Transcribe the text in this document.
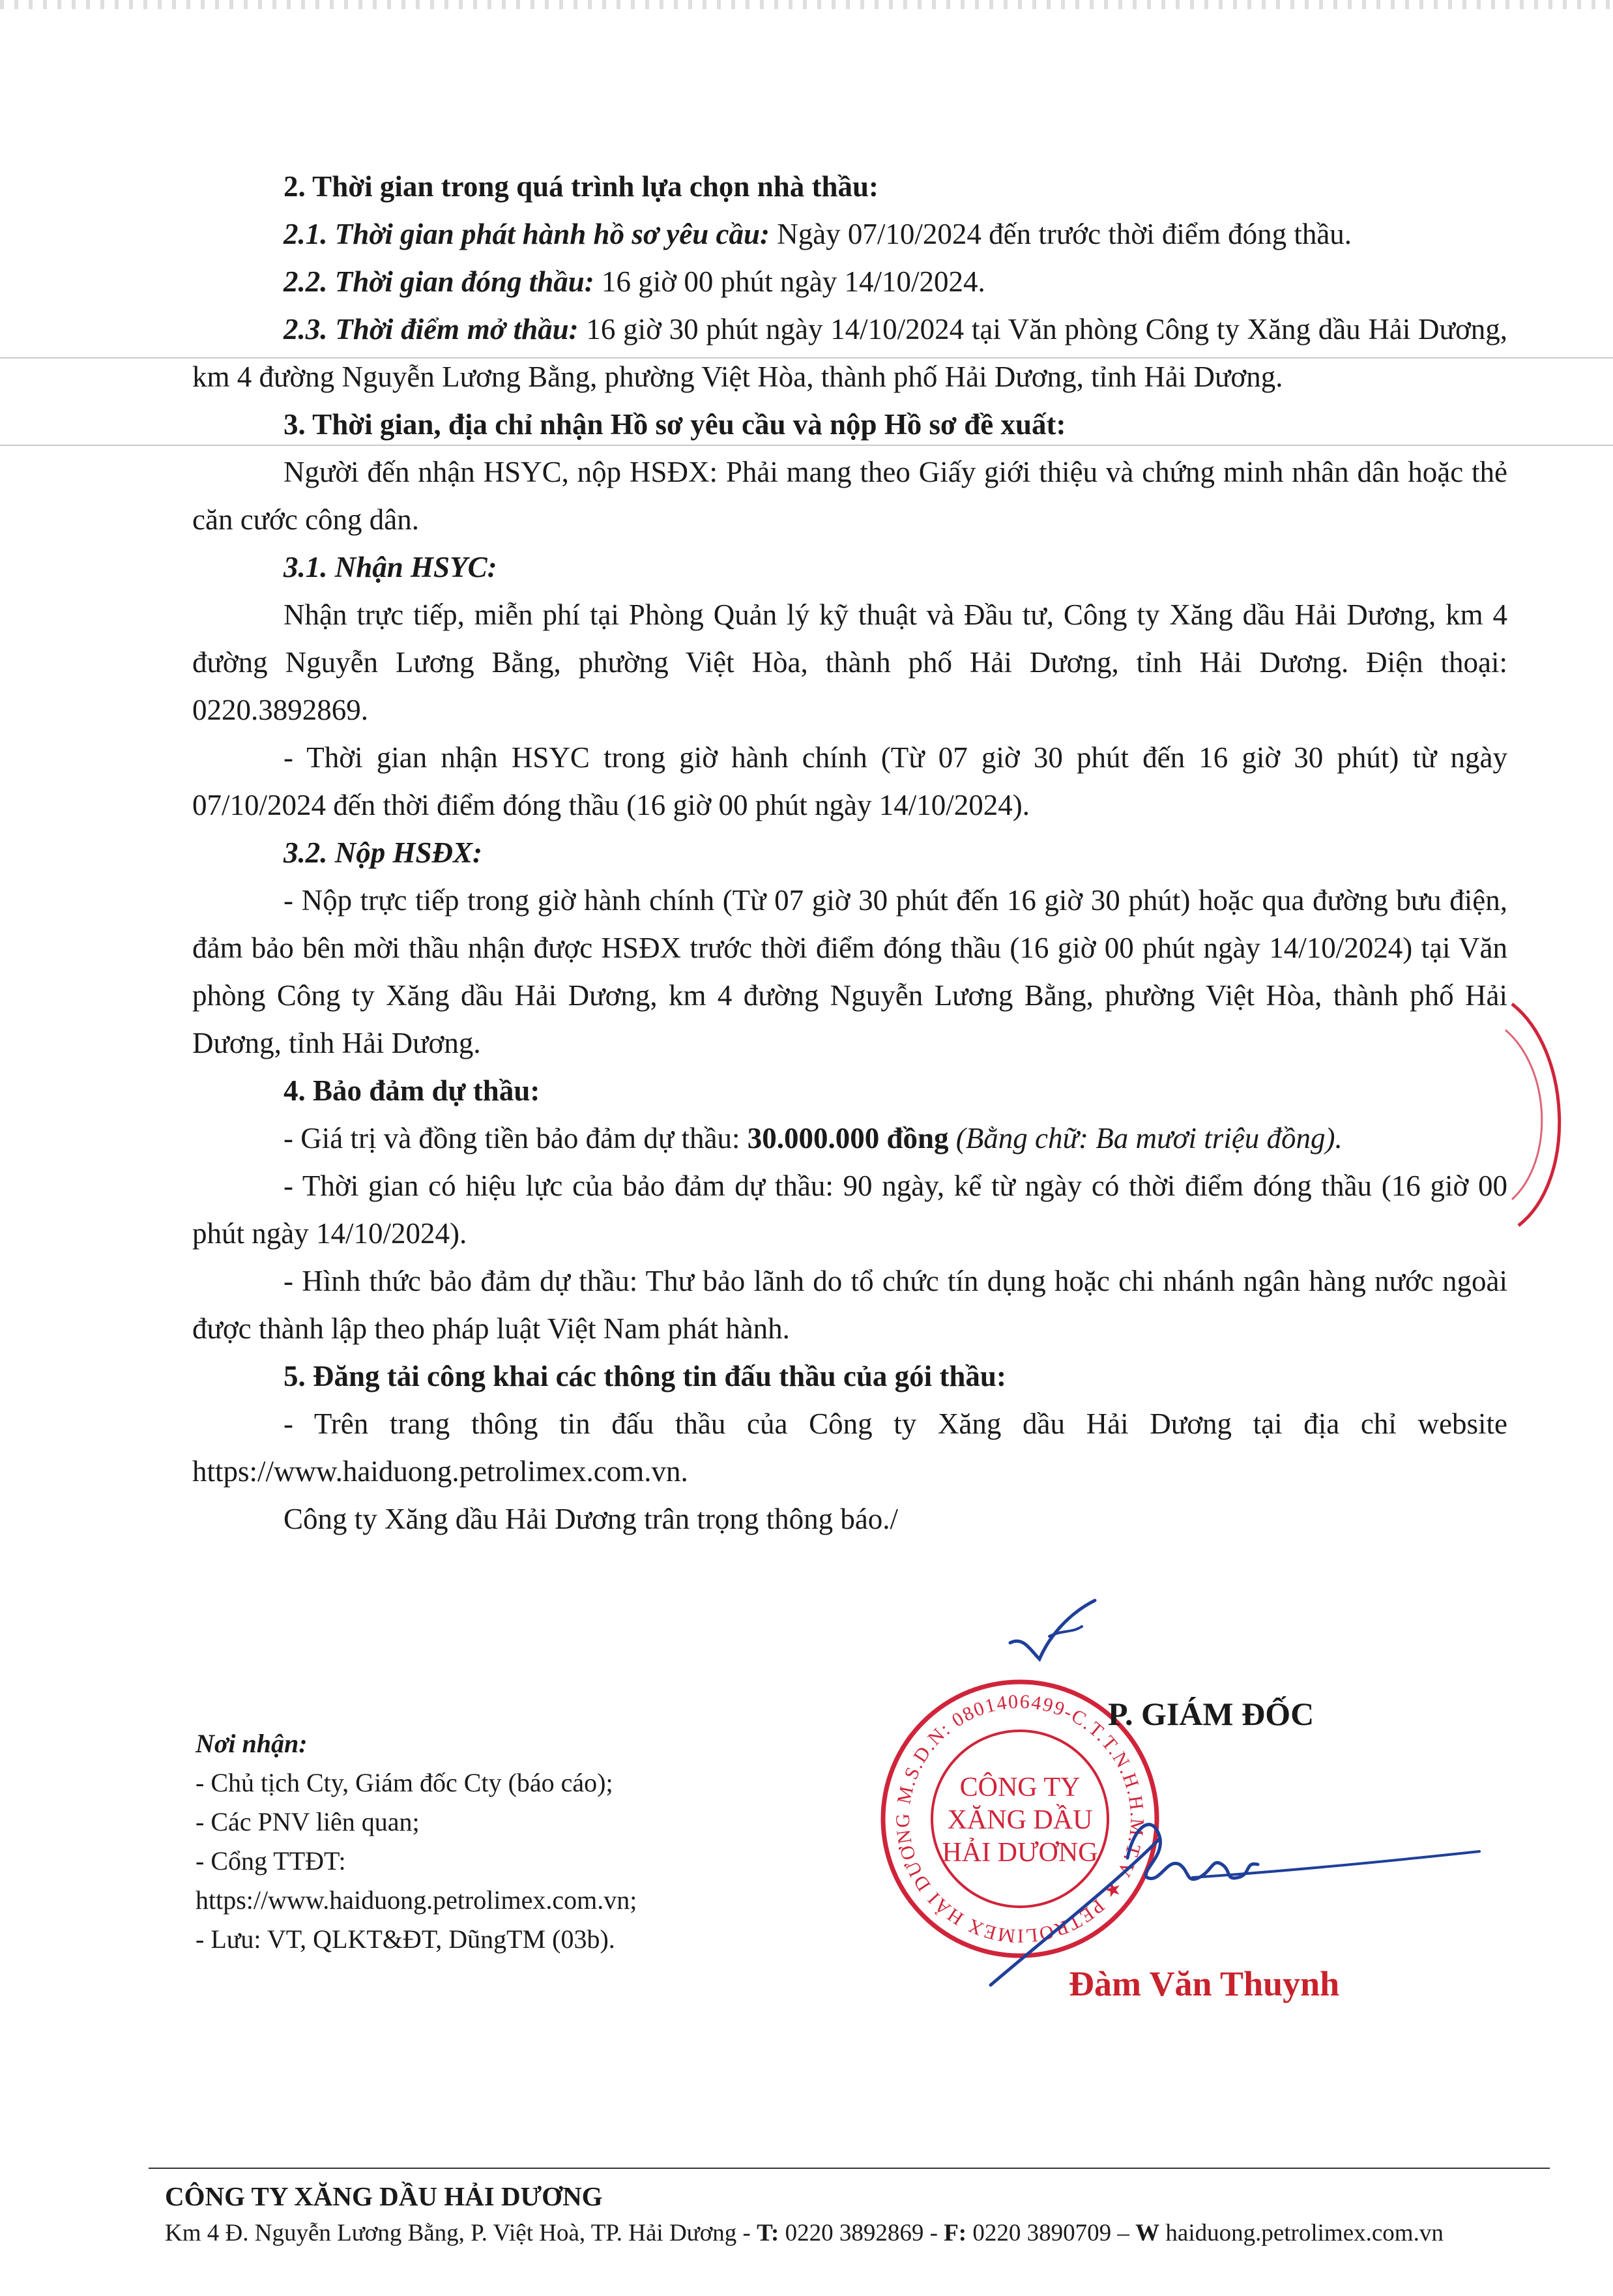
2. Thời gian trong quá trình lựa chọn nhà thầu:

2.1. Thời gian phát hành hồ sơ yêu cầu: Ngày 07/10/2024 đến trước thời điểm đóng thầu.

2.2. Thời gian đóng thầu: 16 giờ 00 phút ngày 14/10/2024.

2.3. Thời điểm mở thầu: 16 giờ 30 phút ngày 14/10/2024 tại Văn phòng Công ty Xăng dầu Hải Dương, km 4 đường Nguyễn Lương Bằng, phường Việt Hòa, thành phố Hải Dương, tỉnh Hải Dương.

3. Thời gian, địa chỉ nhận Hồ sơ yêu cầu và nộp Hồ sơ đề xuất:

Người đến nhận HSYC, nộp HSĐX: Phải mang theo Giấy giới thiệu và chứng minh nhân dân hoặc thẻ căn cước công dân.

3.1. Nhận HSYC:

Nhận trực tiếp, miễn phí tại Phòng Quản lý kỹ thuật và Đầu tư, Công ty Xăng dầu Hải Dương, km 4 đường Nguyễn Lương Bằng, phường Việt Hòa, thành phố Hải Dương, tỉnh Hải Dương. Điện thoại: 0220.3892869.

- Thời gian nhận HSYC trong giờ hành chính (Từ 07 giờ 30 phút đến 16 giờ 30 phút) từ ngày 07/10/2024 đến thời điểm đóng thầu (16 giờ 00 phút ngày 14/10/2024).

3.2. Nộp HSĐX:

- Nộp trực tiếp trong giờ hành chính (Từ 07 giờ 30 phút đến 16 giờ 30 phút) hoặc qua đường bưu điện, đảm bảo bên mời thầu nhận được HSĐX trước thời điểm đóng thầu (16 giờ 00 phút ngày 14/10/2024) tại Văn phòng Công ty Xăng dầu Hải Dương, km 4 đường Nguyễn Lương Bằng, phường Việt Hòa, thành phố Hải Dương, tỉnh Hải Dương.

4. Bảo đảm dự thầu:

- Giá trị và đồng tiền bảo đảm dự thầu: 30.000.000 đồng (Bằng chữ: Ba mươi triệu đồng).

- Thời gian có hiệu lực của bảo đảm dự thầu: 90 ngày, kể từ ngày có thời điểm đóng thầu (16 giờ 00 phút ngày 14/10/2024).

- Hình thức bảo đảm dự thầu: Thư bảo lãnh do tổ chức tín dụng hoặc chi nhánh ngân hàng nước ngoài được thành lập theo pháp luật Việt Nam phát hành.

5. Đăng tải công khai các thông tin đấu thầu của gói thầu:

- Trên trang thông tin đấu thầu của Công ty Xăng dầu Hải Dương tại địa chỉ website https://www.haiduong.petrolimex.com.vn.

Công ty Xăng dầu Hải Dương trân trọng thông báo./

Nơi nhận:
- Chủ tịch Cty, Giám đốc Cty (báo cáo);
- Các PNV liên quan;
- Cổng TTĐT:
https://www.haiduong.petrolimex.com.vn;
- Lưu: VT, QLKT&ĐT, DũngTM (03b).
M.S.D.N: 0801406499-C.T.T.N.H.H.M.T.V ★ PETROLIMEX HẢI DƯƠNG
CÔNG TY
XĂNG DẦU
HẢI DƯƠNG
P. GIÁM ĐỐC
Đàm Văn Thuynh
CÔNG TY XĂNG DẦU HẢI DƯƠNG
Km 4 Đ. Nguyễn Lương Bằng, P. Việt Hoà, TP. Hải Dương - T: 0220 3892869 - F: 0220 3890709 – W haiduong.petrolimex.com.vn
